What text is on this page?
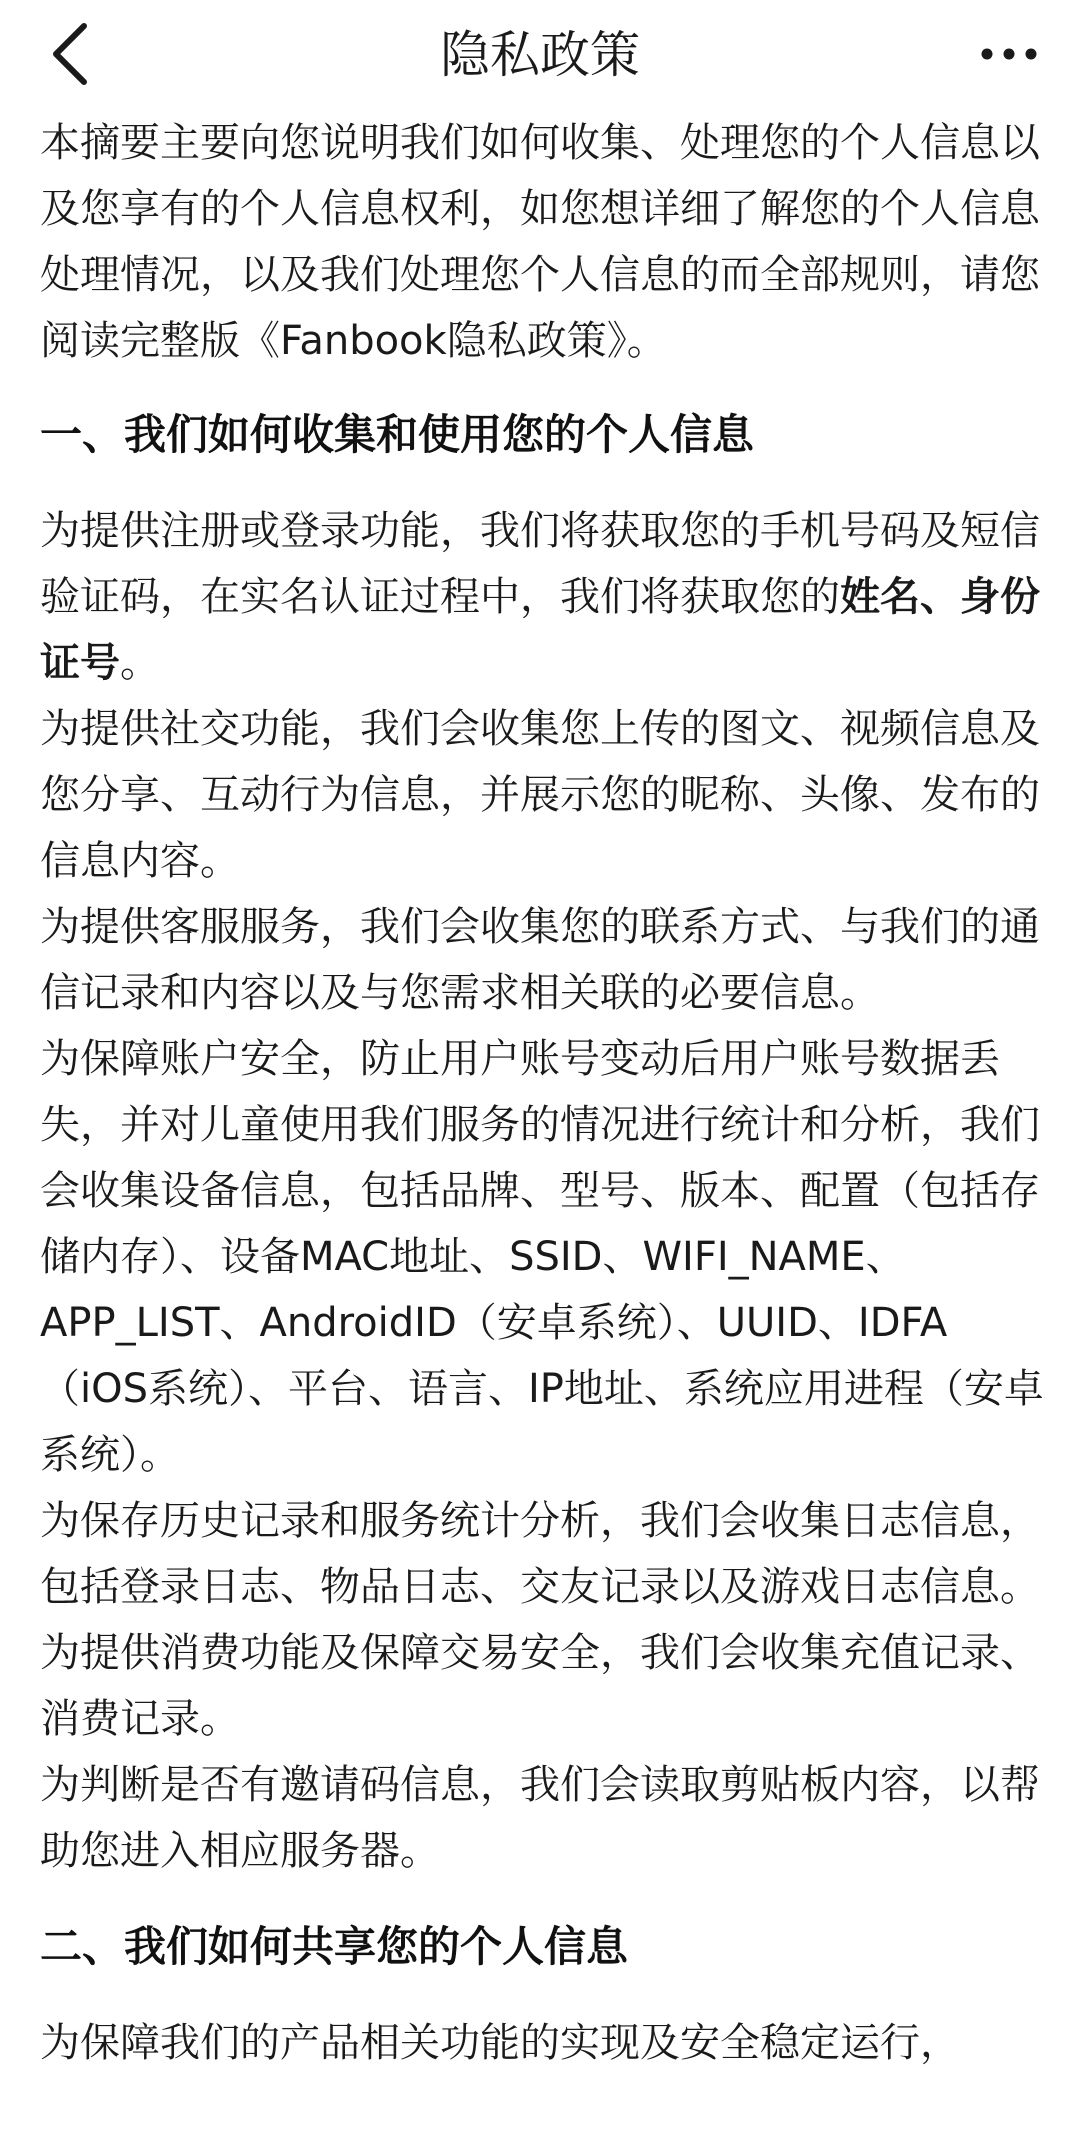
隐私政策

本摘要主要向您说明我们如何收集、处理您的个人信息以及您享有的个人信息权利，如您想详细了解您的个人信息处理情况，以及我们处理您个人信息的而全部规则，请您阅读完整版《Fanbook隐私政策》。

一、我们如何收集和使用您的个人信息

为提供注册或登录功能，我们将获取您的手机号码及短信验证码，在实名认证过程中，我们将获取您的姓名、身份证号。

为提供社交功能，我们会收集您上传的图文、视频信息及您分享、互动行为信息，并展示您的昵称、头像、发布的信息内容。

为提供客服服务，我们会收集您的联系方式、与我们的通信记录和内容以及与您需求相关联的必要信息。

为保障账户安全，防止用户账号变动后用户账号数据丢失，并对儿童使用我们服务的情况进行统计和分析，我们会收集设备信息，包括品牌、型号、版本、配置（包括存储内存）、设备MAC地址、SSID、WIFI_NAME、APP_LIST、AndroidID（安卓系统）、UUID、IDFA（iOS系统）、平台、语言、IP地址、系统应用进程（安卓系统）。

为保存历史记录和服务统计分析，我们会收集日志信息，包括登录日志、物品日志、交友记录以及游戏日志信息。

为提供消费功能及保障交易安全，我们会收集充值记录、消费记录。

为判断是否有邀请码信息，我们会读取剪贴板内容，以帮助您进入相应服务器。

二、我们如何共享您的个人信息

为保障我们的产品相关功能的实现及安全稳定运行，
